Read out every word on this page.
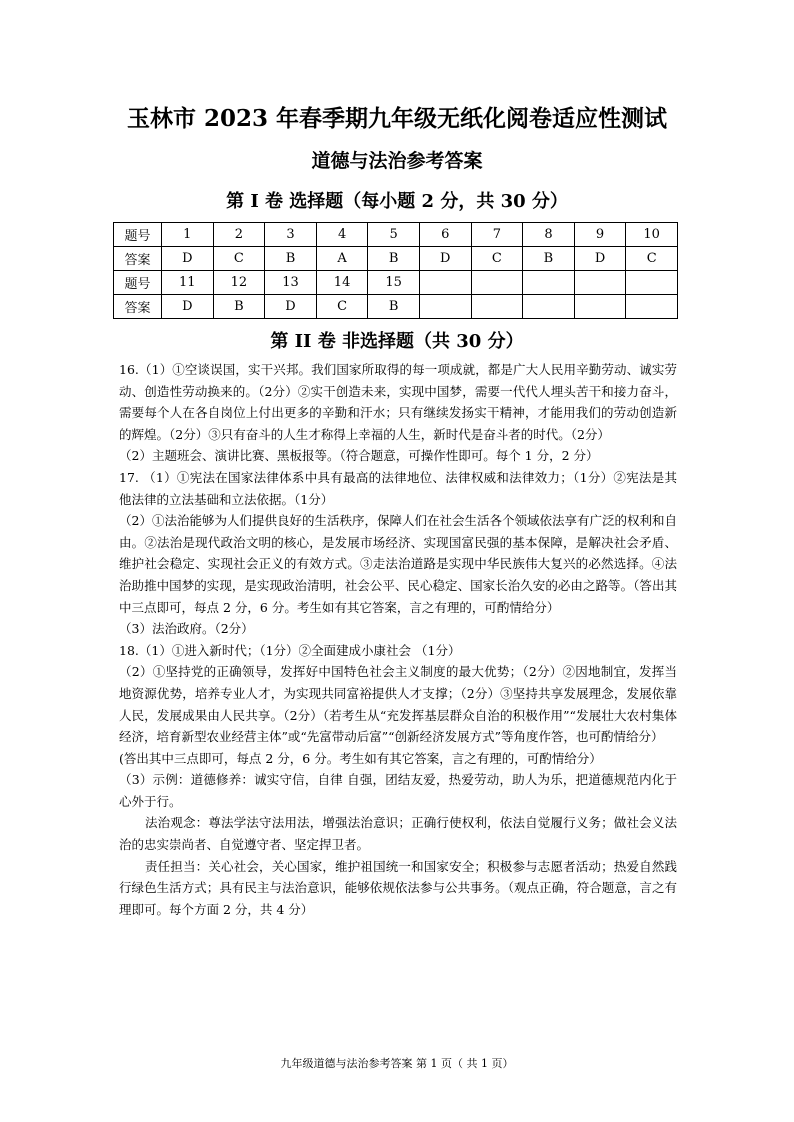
玉林市 2023 年春季期九年级无纸化阅卷适应性测试
道德与法治参考答案
第 I 卷 选择题（每小题 2 分，共 30 分）
题号	1	2	3	4	5	6	7	8	9	10
答案	D	C	B	A	B	D	C	B	D	C
题号	11	12	13	14	15					
答案	D	B	D	C	B					
第 II 卷 非选择题（共 30 分）

16.（1）①空谈误国，实干兴邦。我们国家所取得的每一项成就，都是广大人民用辛勤劳动、诚实劳动、创造性劳动换来的。（2分）②实干创造未来，实现中国梦，需要一代代人埋头苦干和接力奋斗，需要每个人在各自岗位上付出更多的辛勤和汗水；只有继续发扬实干精神，才能用我们的劳动创造新的辉煌。（2分）③只有奋斗的人生才称得上幸福的人生，新时代是奋斗者的时代。（2分）

（2）主题班会、演讲比赛、黑板报等。（符合题意，可操作性即可。每个 1 分，2 分）

17. （1）①宪法在国家法律体系中具有最高的法律地位、法律权威和法律效力；（1分）②宪法是其他法律的立法基础和立法依据。（1分）

（2）①法治能够为人们提供良好的生活秩序，保障人们在社会生活各个领域依法享有广泛的权利和自由。②法治是现代政治文明的核心，是发展市场经济、实现国富民强的基本保障，是解决社会矛盾、维护社会稳定、实现社会正义的有效方式。③走法治道路是实现中华民族伟大复兴的必然选择。④法治助推中国梦的实现，是实现政治清明，社会公平、民心稳定、国家长治久安的必由之路等。（答出其中三点即可，每点 2 分，6 分。考生如有其它答案，言之有理的，可酌情给分）

（3）法治政府。（2分）

18.（1）①进入新时代；（1分）②全面建成小康社会 （1分）

（2）①坚持党的正确领导，发挥好中国特色社会主义制度的最大优势；（2分）②因地制宜，发挥当地资源优势，培养专业人才，为实现共同富裕提供人才支撑；（2分）③坚持共享发展理念，发展依靠人民，发展成果由人民共享。（2分）（若考生从“充发挥基层群众自治的积极作用”“发展壮大农村集体经济，培育新型农业经营主体”或“先富带动后富”“创新经济发展方式”等角度作答，也可酌情给分）

(答出其中三点即可，每点 2 分，6 分。考生如有其它答案，言之有理的，可酌情给分）

（3）示例：道德修养：诚实守信，自律 自强，团结友爱，热爱劳动，助人为乐，把道德规范内化于心外于行。

法治观念：尊法学法守法用法，增强法治意识；正确行使权利，依法自觉履行义务；做社会义法治的忠实崇尚者、自觉遵守者、坚定捍卫者。

责任担当：关心社会，关心国家，维护祖国统一和国家安全；积极参与志愿者活动；热爱自然践行绿色生活方式；具有民主与法治意识，能够依规依法参与公共事务。（观点正确，符合题意，言之有理即可。每个方面 2 分，共 4 分）

九年级道德与法治参考答案 第 1 页（ 共 1 页）
